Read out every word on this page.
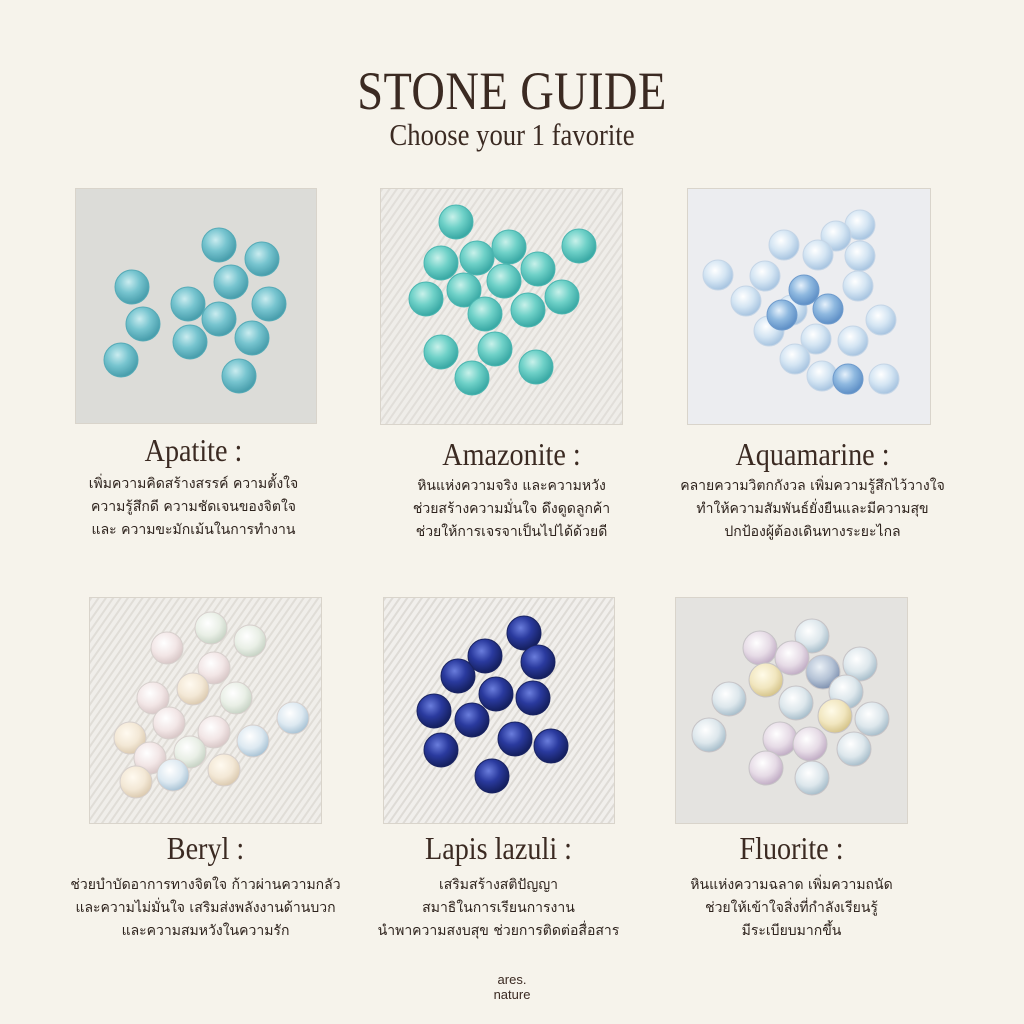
STONE GUIDE
Choose your 1 favorite
Apatite :
เพิ่มความคิดสร้างสรรค์ ความตั้งใจ
ความรู้สึกดี ความชัดเจนของจิตใจ
และ ความขะมักเม้นในการทำงาน
Amazonite :
หินแห่งความจริง และความหวัง
ช่วยสร้างความมั่นใจ ดึงดูดลูกค้า
ช่วยให้การเจรจาเป็นไปได้ด้วยดี
Aquamarine :
คลายความวิตกกังวล เพิ่มความรู้สึกไว้วางใจ
ทำให้ความสัมพันธ์ยั่งยืนและมีความสุข
ปกป้องผู้ต้องเดินทางระยะไกล
Beryl :
ช่วยบำบัดอาการทางจิตใจ ก้าวผ่านความกลัว
และความไม่มั่นใจ เสริมส่งพลังงานด้านบวก
และความสมหวังในความรัก
Lapis lazuli :
เสริมสร้างสติปัญญา
สมาธิในการเรียนการงาน
นำพาความสงบสุข ช่วยการติดต่อสื่อสาร
Fluorite :
หินแห่งความฉลาด เพิ่มความถนัด
ช่วยให้เข้าใจสิ่งที่กำลังเรียนรู้
มีระเบียบมากขึ้น
ares.
nature
